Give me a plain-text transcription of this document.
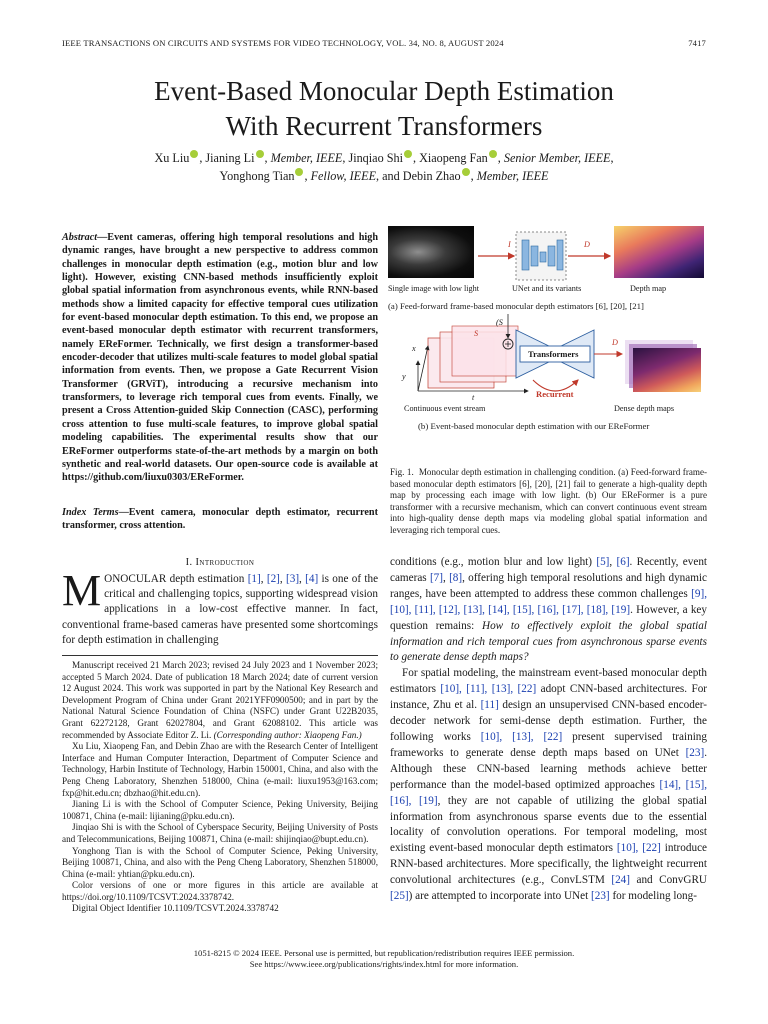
IEEE TRANSACTIONS ON CIRCUITS AND SYSTEMS FOR VIDEO TECHNOLOGY, VOL. 34, NO. 8, AUGUST 2024	7417
Event-Based Monocular Depth Estimation
With Recurrent Transformers
Xu Liu , Jianing Li , Member, IEEE, Jinqiao Shi , Xiaopeng Fan , Senior Member, IEEE,
Yonghong Tian , Fellow, IEEE, and Debin Zhao , Member, IEEE
Abstract—Event cameras, offering high temporal resolutions and high dynamic ranges, have brought a new perspective to address common challenges in monocular depth estimation (e.g., motion blur and low light). However, existing CNN-based methods insufficiently exploit global spatial information from asynchronous events, while RNN-based methods show a limited capacity for effective temporal cues utilization for event-based monocular depth estimation. To this end, we propose an event-based monocular depth estimator with recurrent transformers, namely EReFormer. Technically, we first design a transformer-based encoder-decoder that utilizes multi-scale features to model global spatial information from events. Then, we propose a Gate Recurrent Vision Transformer (GRViT), introducing a recursive mechanism into transformers, to leverage rich temporal cues from events. Finally, we present a Cross Attention-guided Skip Connection (CASC), performing cross attention to fuse multi-scale features, to improve global spatial modeling capabilities. The experimental results show that our EReFormer outperforms state-of-the-art methods by a margin on both synthetic and real-world datasets. Our open-source code is available at https://github.com/liuxu0303/EReFormer.
Index Terms—Event camera, monocular depth estimator, recurrent transformer, cross attention.
I. Introduction
MONOCULAR depth estimation [1], [2], [3], [4] is one of the critical and challenging topics, supporting widespread vision applications in a low-cost effective manner. In fact, conventional frame-based cameras have presented some shortcomings for depth estimation in challenging

Manuscript received 21 March 2023; revised 24 July 2023 and 1 November 2023; accepted 5 March 2024. Date of publication 18 March 2024; date of current version 12 August 2024. This work was supported in part by the National Key Research and Development Program of China under Grant 2021YFF0900500; and in part by the National Natural Science Foundation of China (NSFC) under Grant U22B2035, Grant 62272128, Grant 62027804, and Grant 62088102. This article was recommended by Associate Editor Z. Li. (Corresponding author: Xiaopeng Fan.)

Xu Liu, Xiaopeng Fan, and Debin Zhao are with the Research Center of Intelligent Interface and Human Computer Interaction, Department of Computer Science and Technology, Harbin Institute of Technology, Harbin 150001, China, and also with the Peng Cheng Laboratory, Shenzhen 518000, China (e-mail: liuxu1953@163.com; fxp@hit.edu.cn; dbzhao@hit.edu.cn).

Jianing Li is with the School of Computer Science, Peking University, Beijing 100871, China (e-mail: lijianing@pku.edu.cn).

Jinqiao Shi is with the School of Cyberspace Security, Beijing University of Posts and Telecommunications, Beijing 100871, China (e-mail: shijinqiao@bupt.edu.cn).

Yonghong Tian is with the School of Computer Science, Peking University, Beijing 100871, China, and also with the Peng Cheng Laboratory, Shenzhen 518000, China (e-mail: yhtian@pku.edu.cn).

Color versions of one or more figures in this article are available at https://doi.org/10.1109/TCSVT.2024.3378742.

Digital Object Identifier 10.1109/TCSVT.2024.3378742

I	D
Single image with low light	UNet and its variants	Depth map
(a) Feed-forward frame-based monocular depth estimators [6], [20], [21]
(S
S
x
y
t
Transformers
Recurrent
D
Continuous event stream	Dense depth maps
(b) Event-based monocular depth estimation with our EReFormer
Fig. 1. Monocular depth estimation in challenging condition. (a) Feed-forward frame-based monocular depth estimators [6], [20], [21] fail to generate a high-quality depth map by processing each image with low light. (b) Our EReFormer is a pure transformer with a recursive mechanism, which can convert continuous event stream into high-quality dense depth maps via modeling global spatial information and leveraging rich temporal cues.

conditions (e.g., motion blur and low light) [5], [6]. Recently, event cameras [7], [8], offering high temporal resolutions and high dynamic ranges, have been attempted to address these common challenges [9], [10], [11], [12], [13], [14], [15], [16], [17], [18], [19]. However, a key question remains: How to effectively exploit the global spatial information and rich temporal cues from asynchronous sparse events to generate dense depth maps?

For spatial modeling, the mainstream event-based monocular depth estimators [10], [11], [13], [22] adopt CNN-based architectures. For instance, Zhu et al. [11] design an unsupervised CNN-based encoder-decoder network for semi-dense depth estimation. Further, the following works [10], [13], [22] present supervised training frameworks to generate dense depth maps based on UNet [23]. Although these CNN-based learning methods achieve better performance than the model-based optimized approaches [14], [15], [16], [19], they are not capable of utilizing the global spatial information from asynchronous sparse events due to the essential locality of convolution operations. For temporal modeling, most existing event-based monocular depth estimators [10], [22] introduce RNN-based architectures. More specifically, the lightweight recurrent convolutional architectures (e.g., ConvLSTM [24] and ConvGRU [25]) are attempted to incorporate into UNet [23] for modeling long-

1051-8215 © 2024 IEEE. Personal use is permitted, but republication/redistribution requires IEEE permission.
See https://www.ieee.org/publications/rights/index.html for more information.
